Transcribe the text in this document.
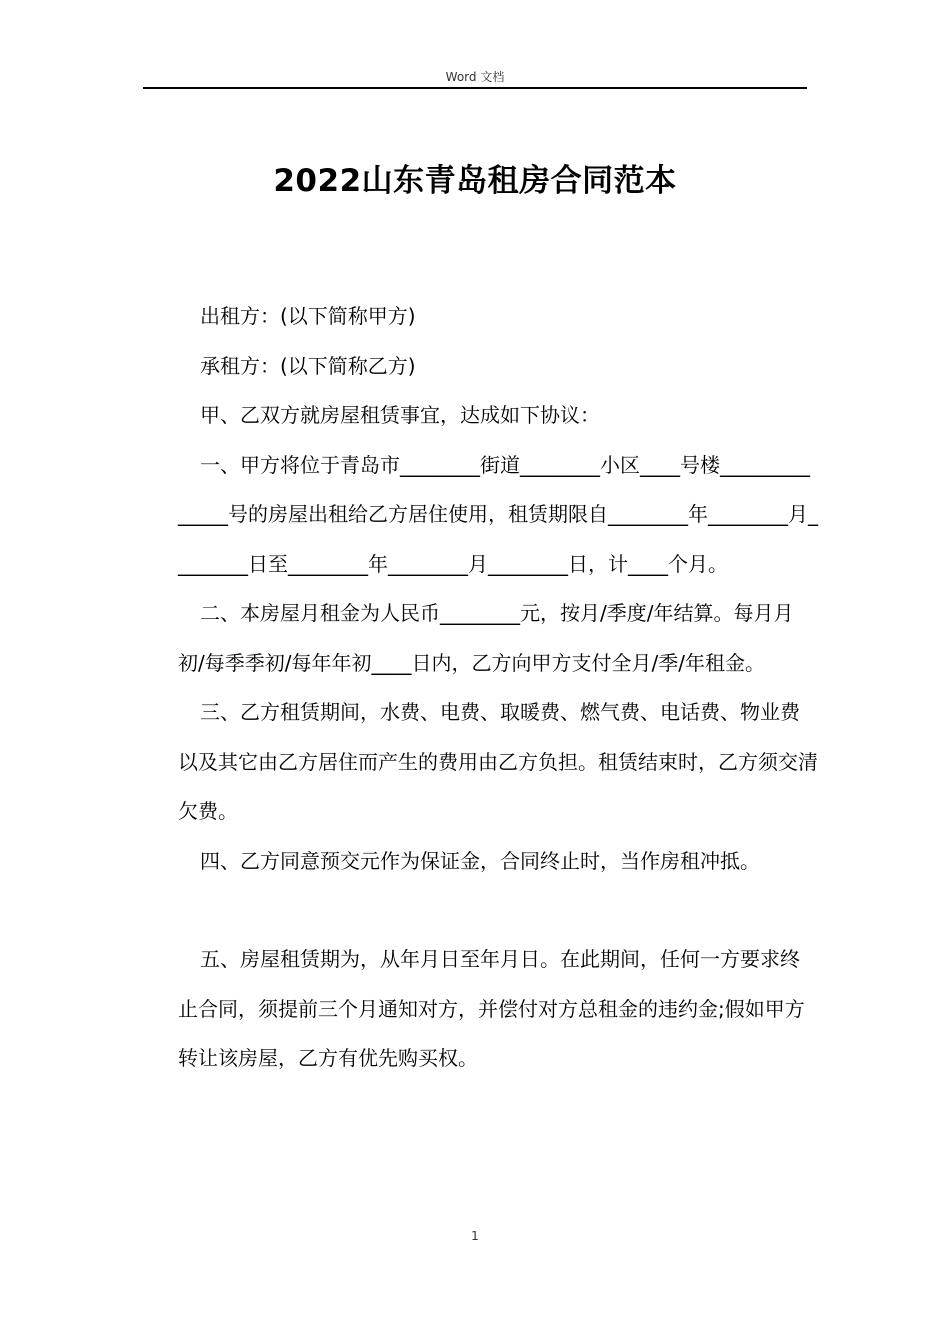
Word 文档
2022山东青岛租房合同范本

出租方：(以下简称甲方)

承租方：(以下简称乙方)

甲、乙双方就房屋租赁事宜，达成如下协议：

一、甲方将位于青岛市________街道________小区____号楼______________号的房屋出租给乙方居住使用，租赁期限自________年________月________日至________年________月________日，计____个月。

二、本房屋月租金为人民币________元，按月/季度/年结算。每月月初/每季季初/每年年初____日内，乙方向甲方支付全月/季/年租金。

三、乙方租赁期间，水费、电费、取暖费、燃气费、电话费、物业费以及其它由乙方居住而产生的费用由乙方负担。租赁结束时，乙方须交清欠费。

四、乙方同意预交元作为保证金，合同终止时，当作房租冲抵。

五、房屋租赁期为，从年月日至年月日。在此期间，任何一方要求终止合同，须提前三个月通知对方，并偿付对方总租金的违约金;假如甲方转让该房屋，乙方有优先购买权。

1
